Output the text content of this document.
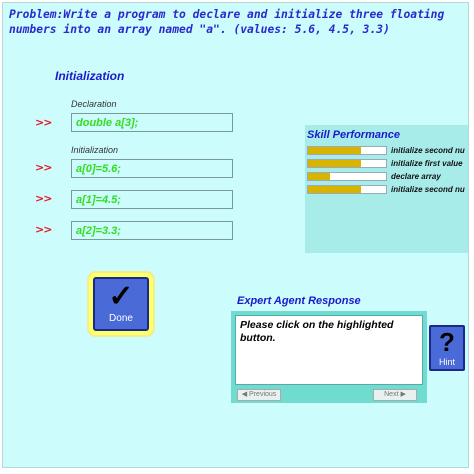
Problem:Write a program to declare and initialize three floating
numbers into an array named "a". (values: 5.6, 4.5, 3.3)
Initialization
Declaration
>>	double a[3];
Initialization
>>	a[0]=5.6;
>>	a[1]=4.5;
>>	a[2]=3.3;
Skill Performance
initialize second nu
initialize first value
declare array
initialize second nu
✓
Done
Expert Agent Response
Please click on the highlighted button.
◀ Previous	Next ▶
?
Hint
